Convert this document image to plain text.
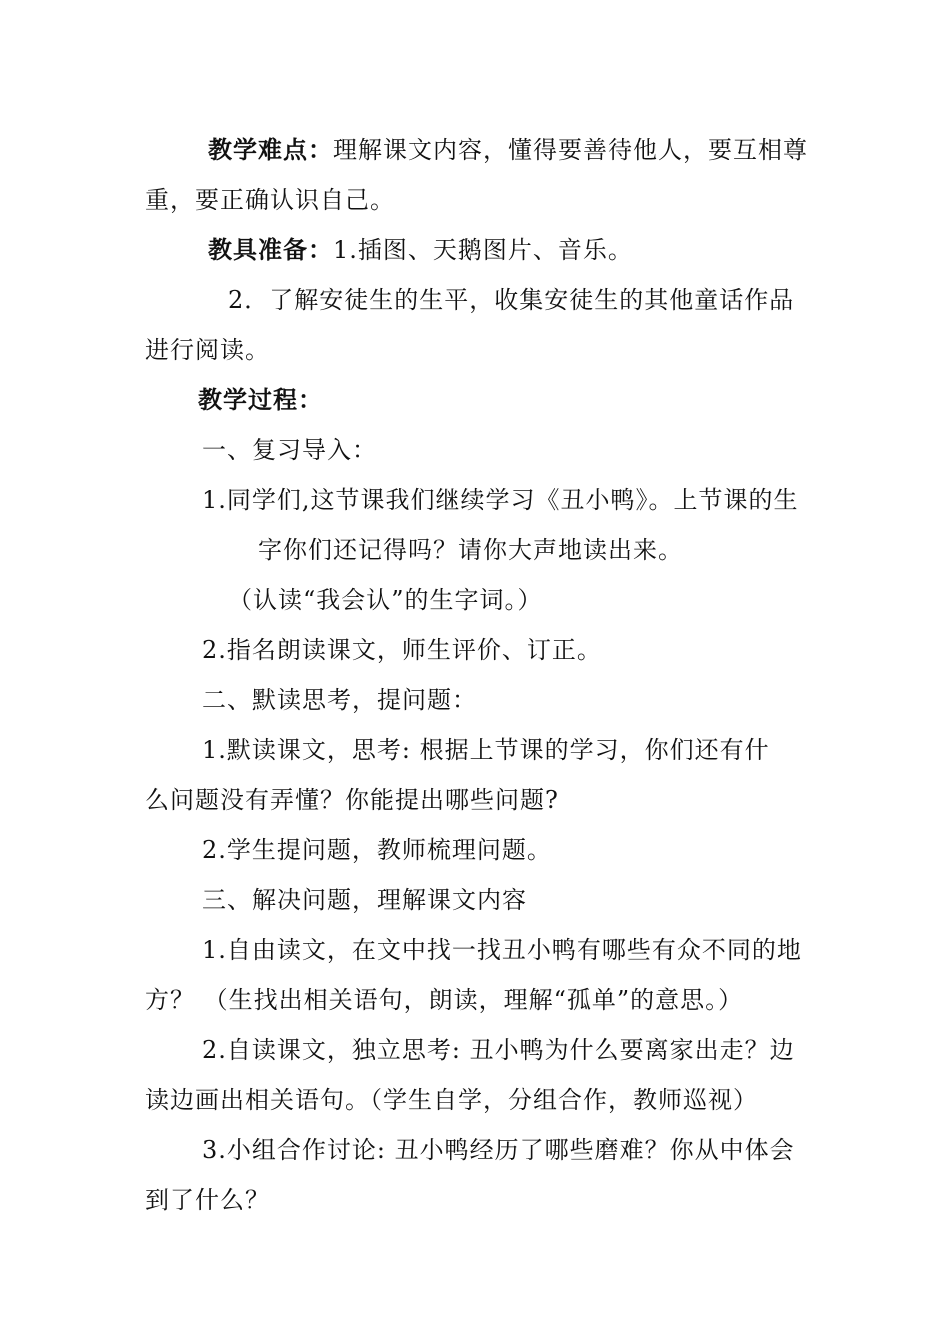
教学难点：理解课文内容，懂得要善待他人，要互相尊
重，要正确认识自己。
教具准备：1.插图、天鹅图片、音乐。
2．了解安徒生的生平，收集安徒生的其他童话作品
进行阅读。
教学过程：
一、复习导入：
1.同学们,这节课我们继续学习《丑小鸭》。上节课的生
字你们还记得吗？请你大声地读出来。
（认读“我会认”的生字词。）
2.指名朗读课文，师生评价、订正。
二、默读思考，提问题：
1.默读课文，思考: 根据上节课的学习，你们还有什
么问题没有弄懂？你能提出哪些问题?
2.学生提问题，教师梳理问题。
三、解决问题，理解课文内容
1.自由读文，在文中找一找丑小鸭有哪些有众不同的地
方？ （生找出相关语句，朗读，理解“孤单”的意思。）
2.自读课文，独立思考: 丑小鸭为什么要离家出走？边
读边画出相关语句。（学生自学，分组合作，教师巡视）
3.小组合作讨论: 丑小鸭经历了哪些磨难？你从中体会
到了什么？
